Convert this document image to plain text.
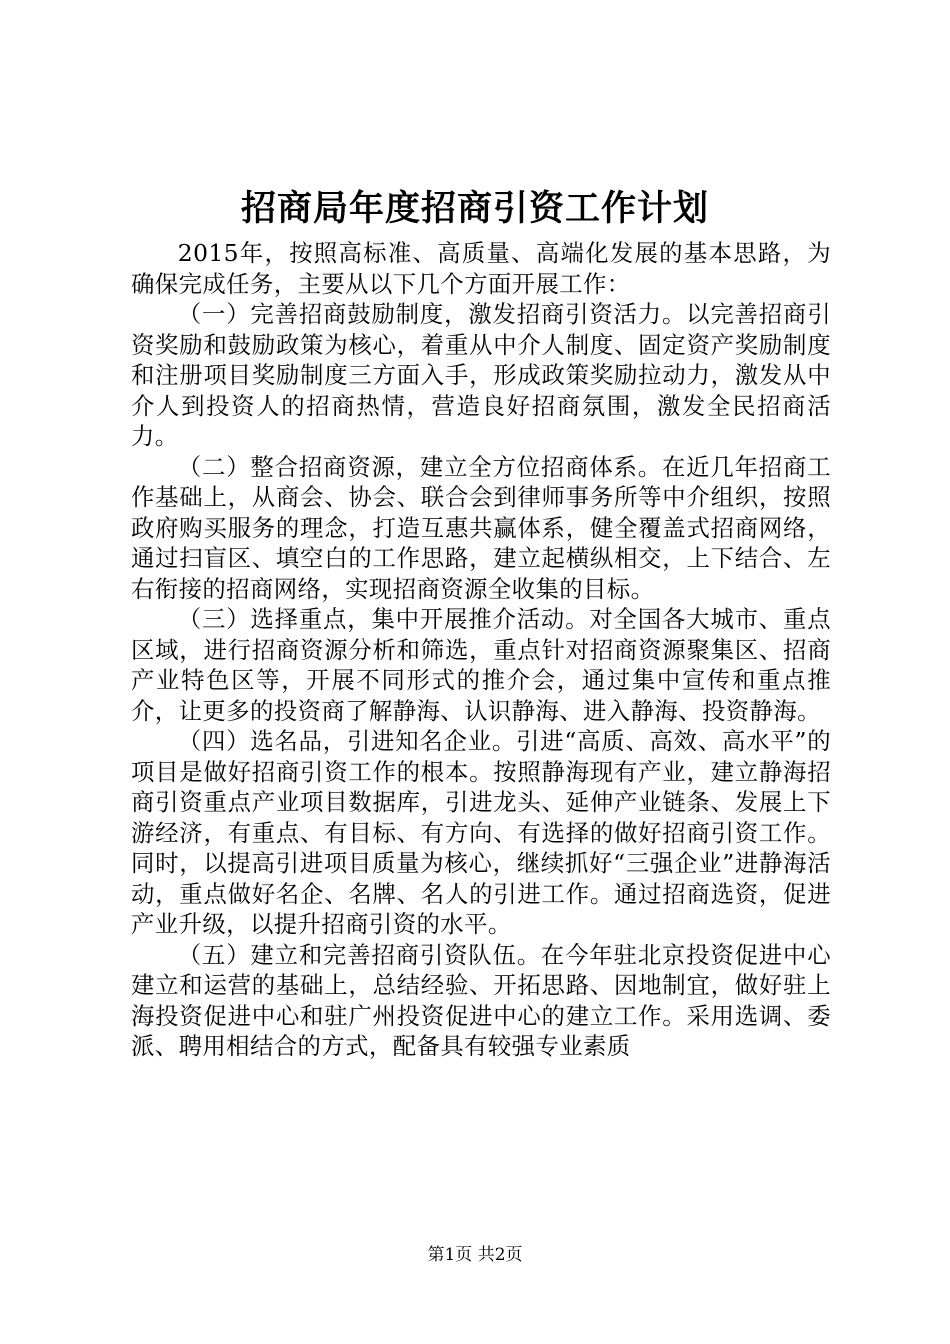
招商局年度招商引资工作计划

2015年，按照高标准、高质量、高端化发展的基本思路，为确保完成任务，主要从以下几个方面开展工作：

（一）完善招商鼓励制度，激发招商引资活力。以完善招商引资奖励和鼓励政策为核心，着重从中介人制度、固定资产奖励制度和注册项目奖励制度三方面入手，形成政策奖励拉动力，激发从中介人到投资人的招商热情，营造良好招商氛围，激发全民招商活力。

（二）整合招商资源，建立全方位招商体系。在近几年招商工作基础上，从商会、协会、联合会到律师事务所等中介组织，按照政府购买服务的理念，打造互惠共赢体系，健全覆盖式招商网络，通过扫盲区、填空白的工作思路，建立起横纵相交，上下结合、左右衔接的招商网络，实现招商资源全收集的目标。

（三）选择重点，集中开展推介活动。对全国各大城市、重点区域，进行招商资源分析和筛选，重点针对招商资源聚集区、招商产业特色区等，开展不同形式的推介会，通过集中宣传和重点推介，让更多的投资商了解静海、认识静海、进入静海、投资静海。

（四）选名品，引进知名企业。引进“高质、高效、高水平”的项目是做好招商引资工作的根本。按照静海现有产业，建立静海招商引资重点产业项目数据库，引进龙头、延伸产业链条、发展上下游经济，有重点、有目标、有方向、有选择的做好招商引资工作。同时，以提高引进项目质量为核心，继续抓好“三强企业”进静海活动，重点做好名企、名牌、名人的引进工作。通过招商选资，促进产业升级，以提升招商引资的水平。

（五）建立和完善招商引资队伍。在今年驻北京投资促进中心建立和运营的基础上，总结经验、开拓思路、因地制宜，做好驻上海投资促进中心和驻广州投资促进中心的建立工作。采用选调、委派、聘用相结合的方式，配备具有较强专业素质

第1页 共2页
